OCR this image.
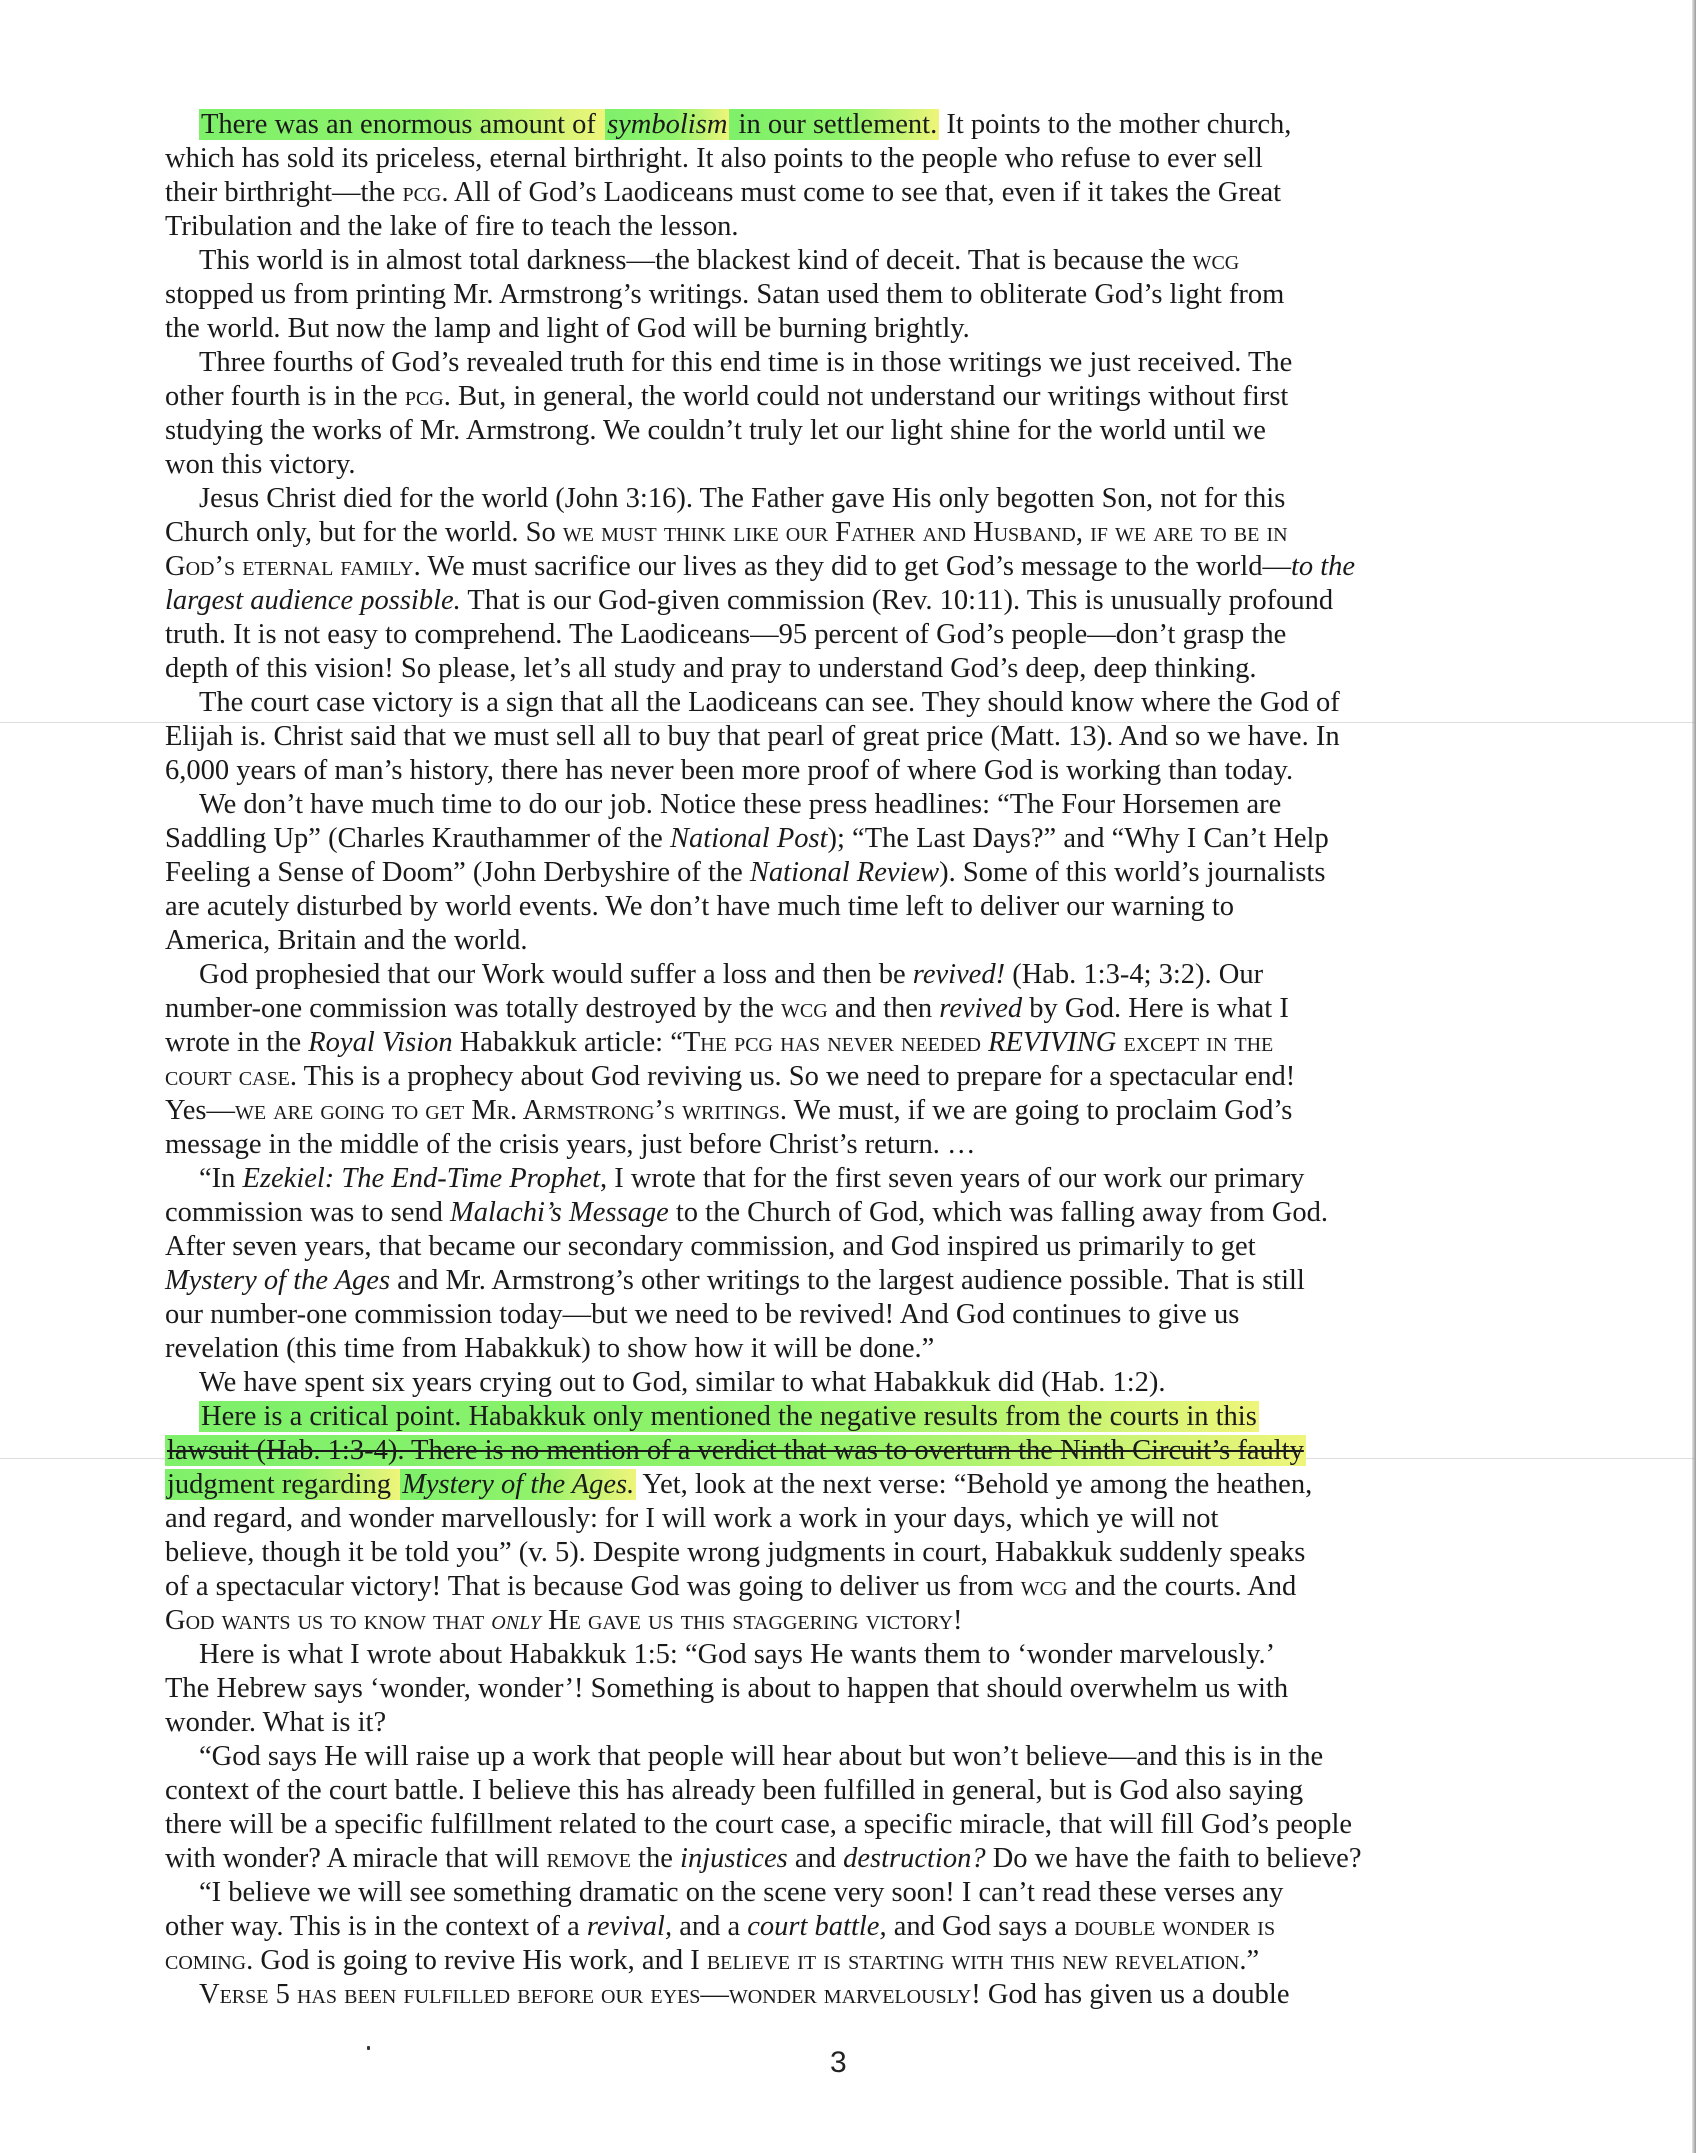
There was an enormous amount of symbolism in our settlement. It points to the mother church,

which has sold its priceless, eternal birthright. It also points to the people who refuse to ever sell

their birthright—the pcg. All of God’s Laodiceans must come to see that, even if it takes the Great

Tribulation and the lake of fire to teach the lesson.

This world is in almost total darkness—the blackest kind of deceit. That is because the wcg

stopped us from printing Mr. Armstrong’s writings. Satan used them to obliterate God’s light from

the world. But now the lamp and light of God will be burning brightly.

Three fourths of God’s revealed truth for this end time is in those writings we just received. The

other fourth is in the pcg. But, in general, the world could not understand our writings without first

studying the works of Mr. Armstrong. We couldn’t truly let our light shine for the world until we

won this victory.

Jesus Christ died for the world (John 3:16). The Father gave His only begotten Son, not for this

Church only, but for the world. So we must think like our Father and Husband, if we are to be in

God’s eternal family. We must sacrifice our lives as they did to get God’s message to the world—to the

largest audience possible. That is our God-given commission (Rev. 10:11). This is unusually profound

truth. It is not easy to comprehend. The Laodiceans—95 percent of God’s people—don’t grasp the

depth of this vision! So please, let’s all study and pray to understand God’s deep, deep thinking.

The court case victory is a sign that all the Laodiceans can see. They should know where the God of

Elijah is. Christ said that we must sell all to buy that pearl of great price (Matt. 13). And so we have. In

6,000 years of man’s history, there has never been more proof of where God is working than today.

We don’t have much time to do our job. Notice these press headlines: “The Four Horsemen are

Saddling Up” (Charles Krauthammer of the National Post); “The Last Days?” and “Why I Can’t Help

Feeling a Sense of Doom” (John Derbyshire of the National Review). Some of this world’s journalists

are acutely disturbed by world events. We don’t have much time left to deliver our warning to

America, Britain and the world.

God prophesied that our Work would suffer a loss and then be revived! (Hab. 1:3-4; 3:2). Our

number-one commission was totally destroyed by the wcg and then revived by God. Here is what I

wrote in the Royal Vision Habakkuk article: “The pcg has never needed REVIVING except in the

court case. This is a prophecy about God reviving us. So we need to prepare for a spectacular end!

Yes—we are going to get Mr. Armstrong’s writings. We must, if we are going to proclaim God’s

message in the middle of the crisis years, just before Christ’s return. …

“In Ezekiel: The End-Time Prophet, I wrote that for the first seven years of our work our primary

commission was to send Malachi’s Message to the Church of God, which was falling away from God.

After seven years, that became our secondary commission, and God inspired us primarily to get

Mystery of the Ages and Mr. Armstrong’s other writings to the largest audience possible. That is still

our number-one commission today—but we need to be revived! And God continues to give us

revelation (this time from Habakkuk) to show how it will be done.”

We have spent six years crying out to God, similar to what Habakkuk did (Hab. 1:2).

Here is a critical point. Habakkuk only mentioned the negative results from the courts in this

lawsuit (Hab. 1:3-4). There is no mention of a verdict that was to overturn the Ninth Circuit’s faulty

judgment regarding Mystery of the Ages. Yet, look at the next verse: “Behold ye among the heathen,

and regard, and wonder marvellously: for I will work a work in your days, which ye will not

believe, though it be told you” (v. 5). Despite wrong judgments in court, Habakkuk suddenly speaks

of a spectacular victory! That is because God was going to deliver us from wcg and the courts. And

God wants us to know that only He gave us this staggering victory!

Here is what I wrote about Habakkuk 1:5: “God says He wants them to ‘wonder marvelously.’

The Hebrew says ‘wonder, wonder’! Something is about to happen that should overwhelm us with

wonder. What is it?

“God says He will raise up a work that people will hear about but won’t believe—and this is in the

context of the court battle. I believe this has already been fulfilled in general, but is God also saying

there will be a specific fulfillment related to the court case, a specific miracle, that will fill God’s people

with wonder? A miracle that will remove the injustices and destruction? Do we have the faith to believe?

“I believe we will see something dramatic on the scene very soon! I can’t read these verses any

other way. This is in the context of a revival, and a court battle, and God says a double wonder is

coming. God is going to revive His work, and I believe it is starting with this new revelation.”

Verse 5 has been fulfilled before our eyes—wonder marvelously! God has given us a double

3
